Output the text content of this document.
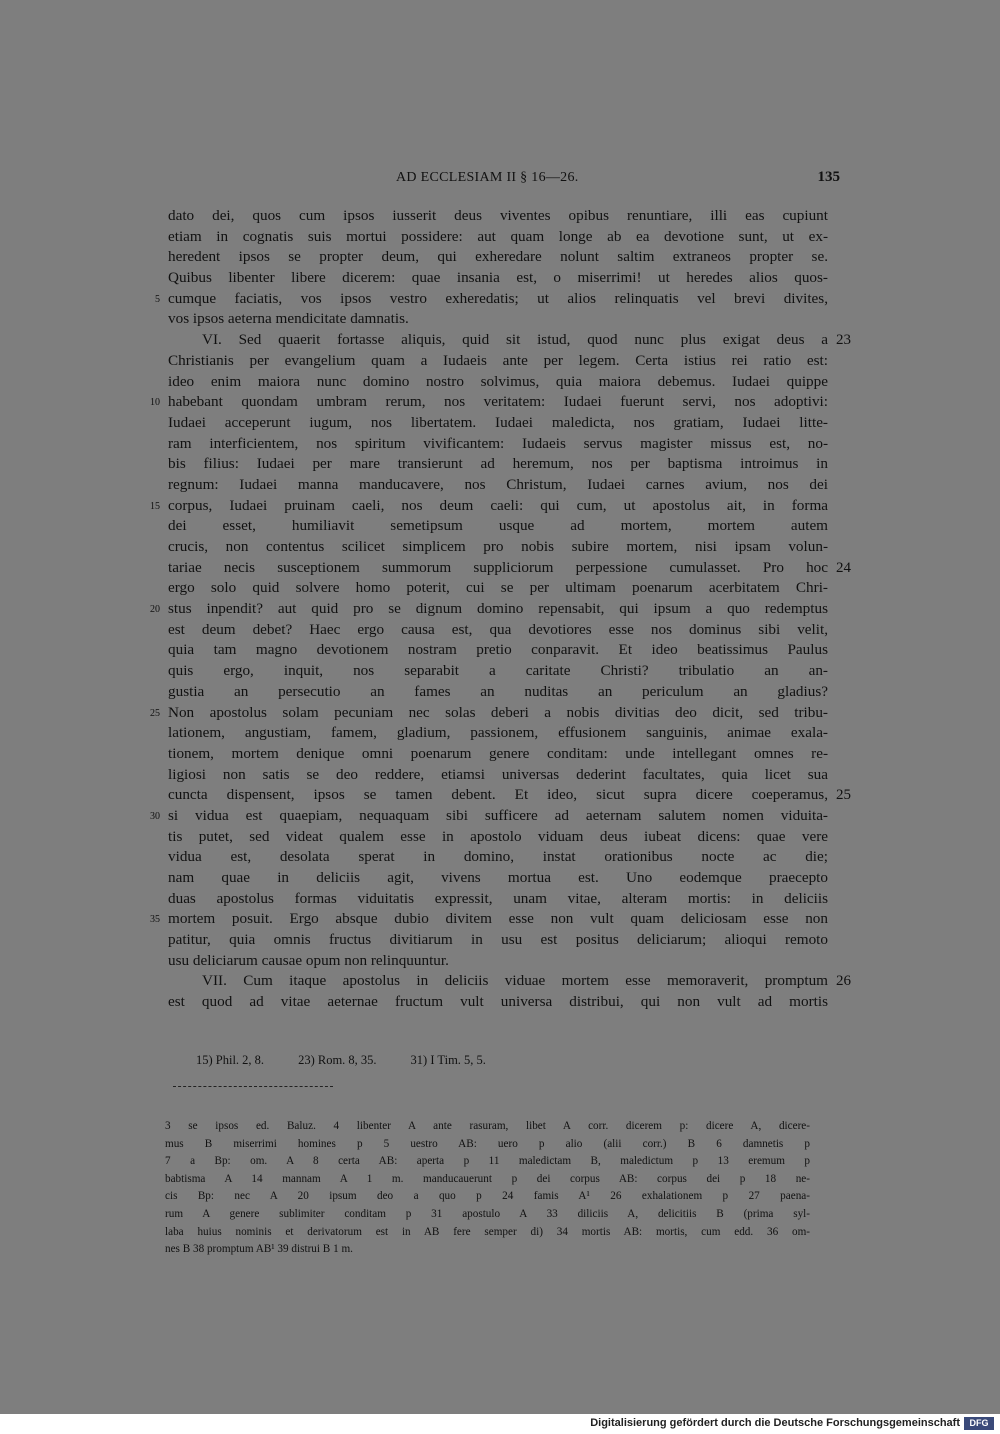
AD ECCLESIAM II § 16—26.	135
dato dei, quos cum ipsos iusserit deus viventes opibus renuntiare, illi eas cupiunt
etiam in cognatis suis mortui possidere: aut quam longe ab ea devotione sunt, ut ex-
heredent ipsos se propter deum, qui exheredare nolunt saltim extraneos propter se.
Quibus libenter libere dicerem: quae insania est, o miserrimi! ut heredes alios quos-
cumque faciatis, vos ipsos vestro exheredatis; ut alios relinquatis vel brevi divites,
5
vos ipsos aeterna mendicitate damnatis.
VI. Sed quaerit fortasse aliquis, quid sit istud, quod nunc plus exigat deus a 23
Christianis per evangelium quam a Iudaeis ante per legem. Certa istius rei ratio est:
ideo enim maiora nunc domino nostro solvimus, quia maiora debemus. Iudaei quippe
habebant quondam umbram rerum, nos veritatem: Iudaei fuerunt servi, nos adoptivi:
10
Iudaei acceperunt iugum, nos libertatem. Iudaei maledicta, nos gratiam, Iudaei litte-
ram interficientem, nos spiritum vivificantem: Iudaeis servus magister missus est, no-
bis filius: Iudaei per mare transierunt ad heremum, nos per baptisma introimus in
regnum: Iudaei manna manducavere, nos Christum, Iudaei carnes avium, nos dei
corpus, Iudaei pruinam caeli, nos deum caeli: qui cum, ut apostolus ait, in forma
15
dei esset, humiliavit semetipsum usque ad mortem, mortem autem
crucis, non contentus scilicet simplicem pro nobis subire mortem, nisi ipsam volun-
tariae necis susceptionem summorum suppliciorum perpessione cumulasset. Pro hoc 24
ergo solo quid solvere homo poterit, cui se per ultimam poenarum acerbitatem Chri-
stus inpendit? aut quid pro se dignum domino repensabit, qui ipsum a quo redemptus
20
est deum debet? Haec ergo causa est, qua devotiores esse nos dominus sibi velit,
quia tam magno devotionem nostram pretio conparavit. Et ideo beatissimus Paulus
quis ergo, inquit, nos separabit a caritate Christi? tribulatio an an-
gustia an persecutio an fames an nuditas an periculum an gladius?
Non apostolus solam pecuniam nec solas deberi a nobis divitias deo dicit, sed tribu-
25
lationem, angustiam, famem, gladium, passionem, effusionem sanguinis, animae exala-
tionem, mortem denique omni poenarum genere conditam: unde intellegant omnes re-
ligiosi non satis se deo reddere, etiamsi universas dederint facultates, quia licet sua
cuncta dispensent, ipsos se tamen debent. Et ideo, sicut supra dicere coeperamus, 25
si vidua est quaepiam, nequaquam sibi sufficere ad aeternam salutem nomen viduita-
30
tis putet, sed videat qualem esse in apostolo viduam deus iubeat dicens: quae vere
vidua est, desolata sperat in domino, instat orationibus nocte ac die;
nam quae in deliciis agit, vivens mortua est. Uno eodemque praecepto
duas apostolus formas viduitatis expressit, unam vitae, alteram mortis: in deliciis
mortem posuit. Ergo absque dubio divitem esse non vult quam deliciosam esse non
35
patitur, quia omnis fructus divitiarum in usu est positus deliciarum; alioqui remoto
usu deliciarum causae opum non relinquuntur.
VII. Cum itaque apostolus in deliciis viduae mortem esse memoraverit, promptum 26
est quod ad vitae aeternae fructum vult universa distribui, qui non vult ad mortis
15) Phil. 2, 8.	23) Rom. 8, 35.	31) I Tim. 5, 5.
3 se ipsos ed. Baluz. 4 libenter A ante rasuram, libet A corr. dicerem p: dicere A, dicere-
mus B miserrimi homines p 5 uestro AB: uero p alio (alii corr.) B 6 damnetis p
7 a Bp: om. A 8 certa AB: aperta p 11 maledictam B, maledictum p 13 eremum p
babtisma A 14 mannam A 1 m. manducauerunt p dei corpus AB: corpus dei p 18 ne-
cis Bp: nec A 20 ipsum deo a quo p 24 famis A¹ 26 exhalationem p 27 paena-
rum A genere sublimiter conditam p 31 apostulo A 33 diliciis A, delicitiis B (prima syl-
laba huius nominis et derivatorum est in AB fere semper di) 34 mortis AB: mortis, cum edd. 36 om-
nes B 38 promptum AB¹ 39 distrui B 1 m.
Digitalisierung gefördert durch die Deutsche Forschungsgemeinschaft	DFG
